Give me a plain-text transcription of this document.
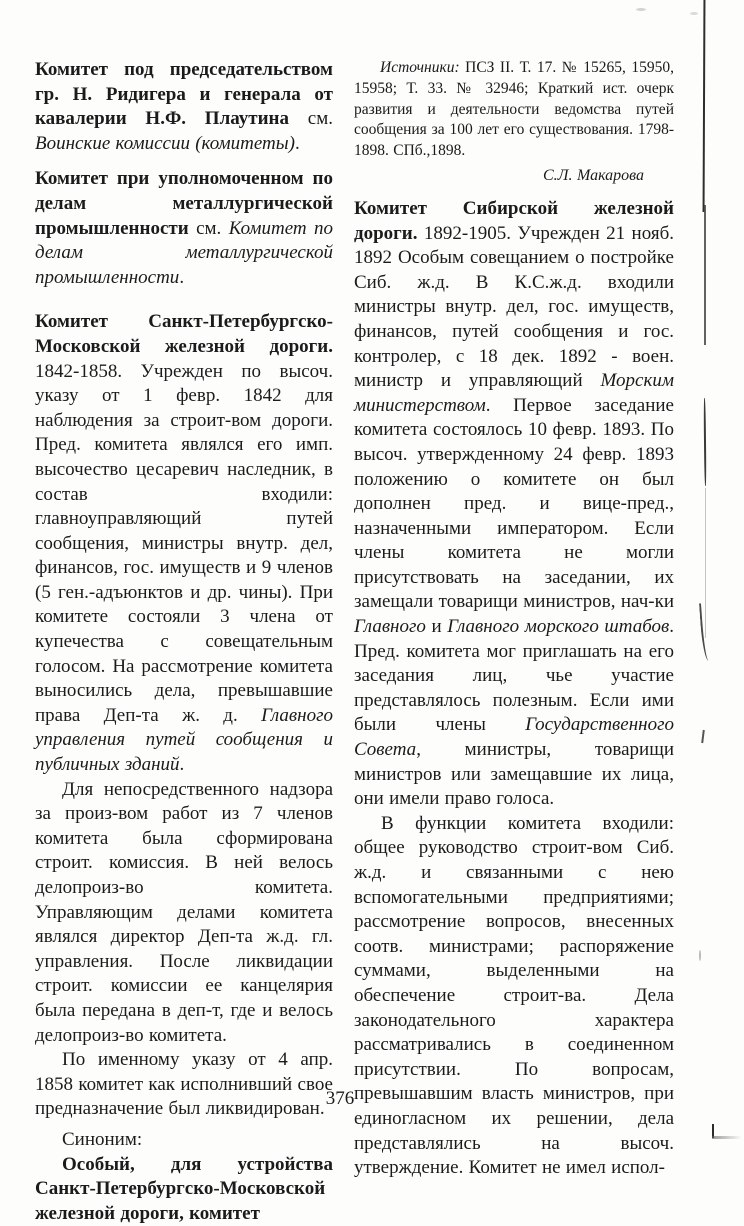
Комитет под председательством гр. Н. Ридигера и генерала от кавалерии Н.Ф. Плаутина см. Воинские комиссии (комитеты).

Комитет при уполномоченном по делам металлургической промышленности см. Комитет по делам металлургической промышленности.

Комитет Санкт-Петербургско-Московской железной дороги. 1842-1858. Учрежден по высоч. указу от 1 февр. 1842 для наблюдения за строит-вом дороги. Пред. комитета являлся его имп. высочество цесаревич наследник, в состав входили: главноуправляющий путей сообщения, министры внутр. дел, финансов, гос. имуществ и 9 членов (5 ген.-адъюнктов и др. чины). При комитете состояли 3 члена от купечества с совещательным голосом. На рассмотрение комитета выносились дела, превышавшие права Деп-та ж. д. Главного управления путей сообщения и публичных зданий.

Для непосредственного надзора за произ-вом работ из 7 членов комитета была сформирована строит. комиссия. В ней велось делопроиз-во комитета. Управляющим делами комитета являлся директор Деп-та ж.д. гл. управления. После ликвидации строит. комиссии ее канцелярия была передана в деп-т, где и велось делопроиз-во комитета.

По именному указу от 4 апр. 1858 комитет как исполнивший свое предназначение был ликвидирован.

Синоним:

Особый, для устройства Санкт-Петербургско-Московской железной дороги, комитет

Источники: ПСЗ II. Т. 17. № 15265, 15950, 15958; Т. 33. № 32946; Краткий ист. очерк развития и деятельности ведомства путей сообщения за 100 лет его существования. 1798-1898. СПб.,1898.

С.Л. Макарова

Комитет Сибирской железной дороги. 1892-1905. Учрежден 21 нояб. 1892 Особым совещанием о постройке Сиб. ж.д. В К.С.ж.д. входили министры внутр. дел, гос. имуществ, финансов, путей сообщения и гос. контролер, с 18 дек. 1892 - воен. министр и управляющий Морским министерством. Первое заседание комитета состоялось 10 февр. 1893. По высоч. утвержденному 24 февр. 1893 положению о комитете он был дополнен пред. и вице-пред., назначенными императором. Если члены комитета не могли присутствовать на заседании, их замещали товарищи министров, нач-ки Главного и Главного морского штабов. Пред. комитета мог приглашать на его заседания лиц, чье участие представлялось полезным. Если ими были члены Государственного Совета, министры, товарищи министров или замещавшие их лица, они имели право голоса.

В функции комитета входили: общее руководство строит-вом Сиб. ж.д. и связанными с нею вспомогательными предприятиями; рассмотрение вопросов, внесенных соотв. министрами; распоряжение суммами, выделенными на обеспечение строит-ва. Дела законодательного характера рассматривались в соединенном присутствии. По вопросам, превышавшим власть министров, при единогласном их решении, дела представлялись на высоч. утверждение. Комитет не имел испол-

376
